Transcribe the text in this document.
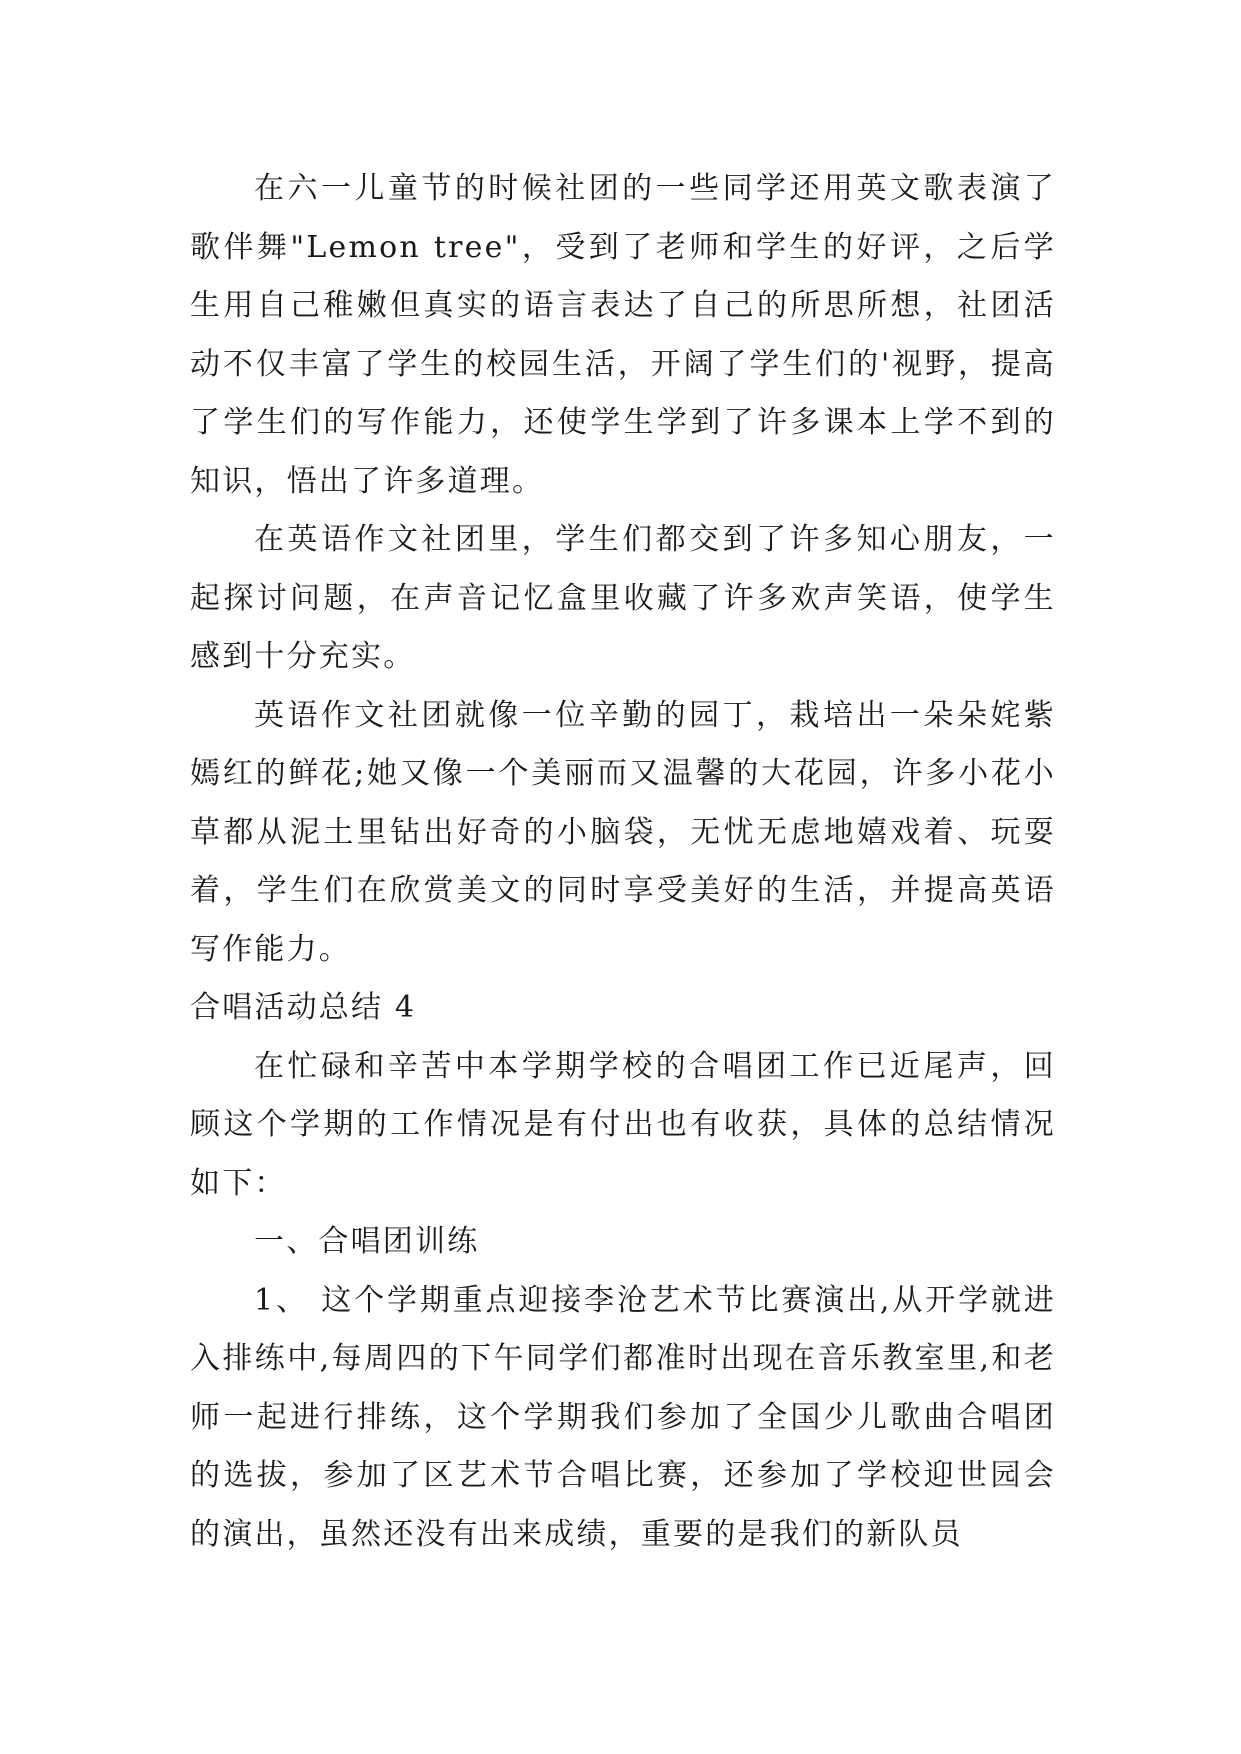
在六一儿童节的时候社团的一些同学还用英文歌表演了歌伴舞"Lemon tree"，受到了老师和学生的好评，之后学生用自己稚嫩但真实的语言表达了自己的所思所想，社团活动不仅丰富了学生的校园生活，开阔了学生们的'视野，提高了学生们的写作能力，还使学生学到了许多课本上学不到的知识，悟出了许多道理。

在英语作文社团里，学生们都交到了许多知心朋友，一起探讨问题，在声音记忆盒里收藏了许多欢声笑语，使学生感到十分充实。

英语作文社团就像一位辛勤的园丁，栽培出一朵朵姹紫嫣红的鲜花;她又像一个美丽而又温馨的大花园，许多小花小草都从泥土里钻出好奇的小脑袋，无忧无虑地嬉戏着、玩耍着，学生们在欣赏美文的同时享受美好的生活，并提高英语写作能力。

合唱活动总结 4

在忙碌和辛苦中本学期学校的合唱团工作已近尾声，回顾这个学期的工作情况是有付出也有收获，具体的总结情况如下：

一、合唱团训练

1、 这个学期重点迎接李沧艺术节比赛演出,从开学就进入排练中,每周四的下午同学们都准时出现在音乐教室里,和老师一起进行排练，这个学期我们参加了全国少儿歌曲合唱团的选拔，参加了区艺术节合唱比赛，还参加了学校迎世园会的演出，虽然还没有出来成绩，重要的是我们的新队员
